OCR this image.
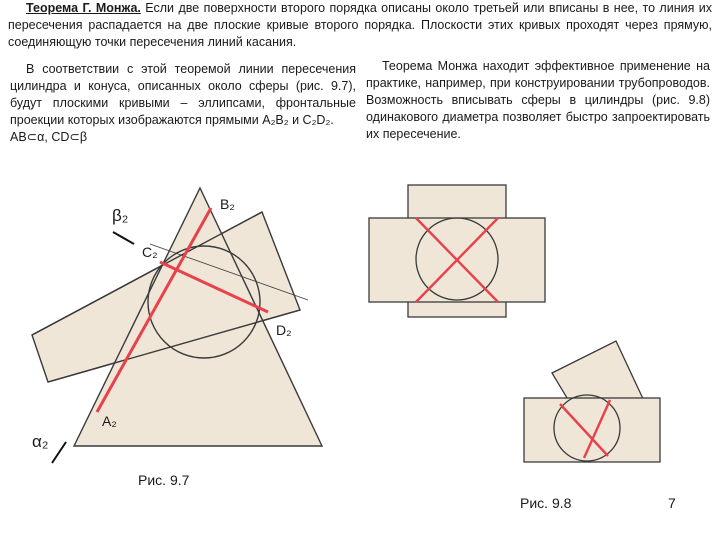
Теорема Г. Монжа. Если две поверхности второго порядка описаны около третьей или вписаны в нее, то линия их пересечения распадается на две плоские кривые второго порядка. Плоскости этих кривых проходят через прямую, соединяющую точки пересечения линий касания.

В соответствии с этой теоремой линии пересечения цилиндра и конуса, описанных около сферы (рис. 9.7), будут плоскими кривыми – эллипсами, фронтальные проекции которых изображаются прямыми A₂B₂ и C₂D₂.
AB⊂α, CD⊂β

Теорема Монжа находит эффективное применение на практике, например, при конструировании трубопроводов. Возможность вписывать сферы в цилиндры (рис. 9.8) одинакового диаметра позволяет быстро запроектировать их пересечение.

B₂
C₂
D₂
A₂
β₂
α₂
Рис. 9.7
Рис. 9.8	7
